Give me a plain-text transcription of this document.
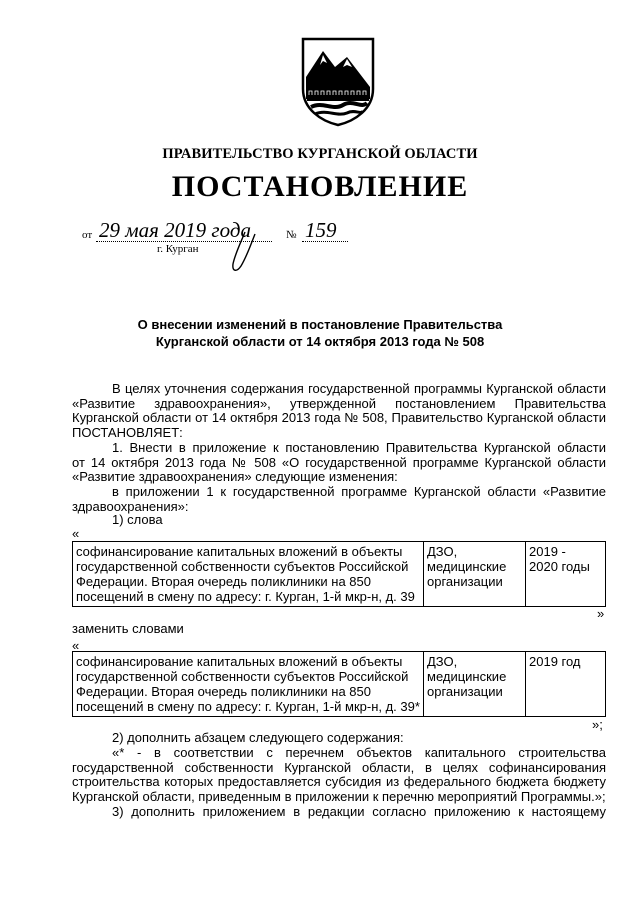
ПРАВИТЕЛЬСТВО КУРГАНСКОЙ ОБЛАСТИ
ПОСТАНОВЛЕНИЕ
от 29 мая 2019 года	№ 159
г. Курган
О внесении изменений в постановление Правительства
Курганской области от 14 октября 2013 года № 508
В целях уточнения содержания государственной программы Курганской области
«Развитие здравоохранения», утвержденной постановлением Правительства
Курганской области от 14 октября 2013 года № 508, Правительство Курганской области
ПОСТАНОВЛЯЕТ:
1. Внести в приложение к постановлению Правительства Курганской области
от 14 октября 2013 года № 508 «О государственной программе Курганской области
«Развитие здравоохранения» следующие изменения:
в приложении 1 к государственной программе Курганской области «Развитие
здравоохранения»:
1) слова
«
софинансирование капитальных вложений в объекты
государственной собственности субъектов Российской
Федерации. Вторая очередь поликлиники на 850
посещений в смену по адресу: г. Курган, 1-й мкр-н, д. 39

ДЗО,
медицинские
организации

2019 -
2020 годы
»
заменить словами
«
софинансирование капитальных вложений в объекты
государственной собственности субъектов Российской
Федерации. Вторая очередь поликлиники на 850
посещений в смену по адресу: г. Курган, 1-й мкр-н, д. 39*

ДЗО,
медицинские
организации

2019 год
»;
2) дополнить абзацем следующего содержания:
«* - в соответствии с перечнем объектов капитального строительства
государственной собственности Курганской области, в целях софинансирования
строительства которых предоставляется субсидия из федерального бюджета бюджету
Курганской области, приведенным в приложении к перечню мероприятий Программы.»;
3) дополнить приложением в редакции согласно приложению к настоящему
